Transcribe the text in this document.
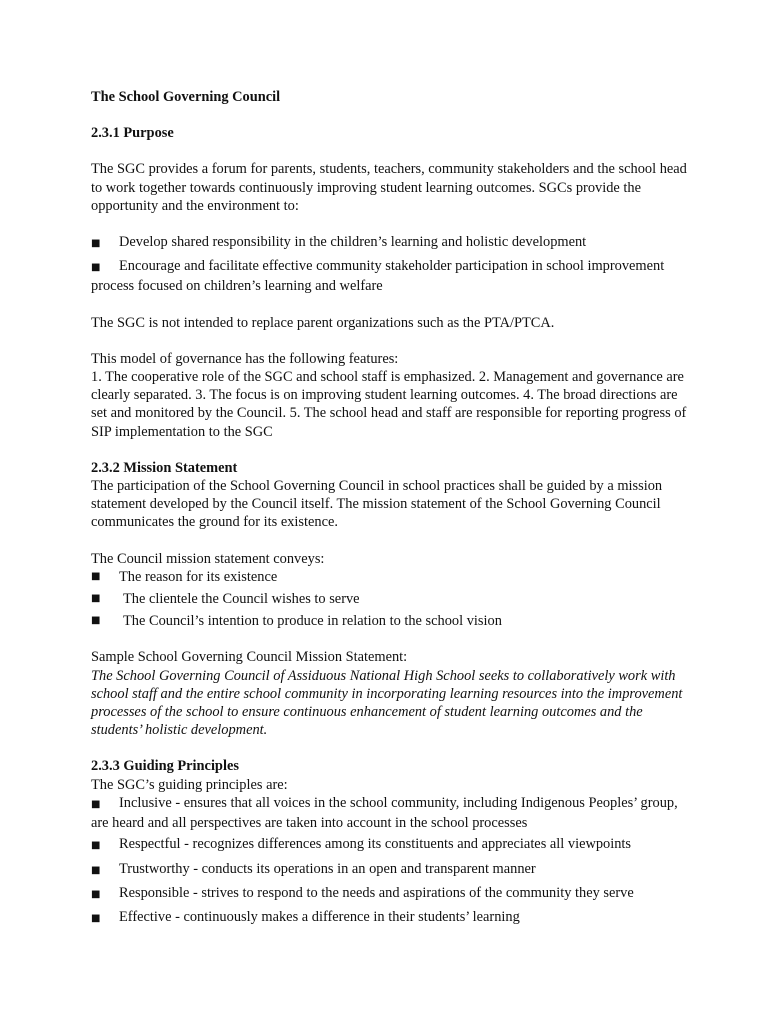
The School Governing Council

2.3.1 Purpose

The SGC provides a forum for parents, students, teachers, community stakeholders and the school head to work together towards continuously improving student learning outcomes. SGCs provide the opportunity and the environment to:

■ Develop shared responsibility in the children’s learning and holistic development
■ Encourage and facilitate effective community stakeholder participation in school improvement process focused on children’s learning and welfare

The SGC is not intended to replace parent organizations such as the PTA/PTCA.

This model of governance has the following features:

1. The cooperative role of the SGC and school staff is emphasized. 2. Management and governance are clearly separated. 3. The focus is on improving student learning outcomes. 4. The broad directions are set and monitored by the Council. 5. The school head and staff are responsible for reporting progress of SIP implementation to the SGC

2.3.2 Mission Statement

The participation of the School Governing Council in school practices shall be guided by a mission statement developed by the Council itself. The mission statement of the School Governing Council communicates the ground for its existence.

The Council mission statement conveys:

■ The reason for its existence
■ The clientele the Council wishes to serve
■ The Council’s intention to produce in relation to the school vision

Sample School Governing Council Mission Statement:

The School Governing Council of Assiduous National High School seeks to collaboratively work with school staff and the entire school community in incorporating learning resources into the improvement processes of the school to ensure continuous enhancement of student learning outcomes and the students’ holistic development.

2.3.3 Guiding Principles

The SGC’s guiding principles are:

■ Inclusive - ensures that all voices in the school community, including Indigenous Peoples’ group, are heard and all perspectives are taken into account in the school processes
■ Respectful - recognizes differences among its constituents and appreciates all viewpoints
■ Trustworthy - conducts its operations in an open and transparent manner
■ Responsible - strives to respond to the needs and aspirations of the community they serve
■ Effective - continuously makes a difference in their students’ learning
